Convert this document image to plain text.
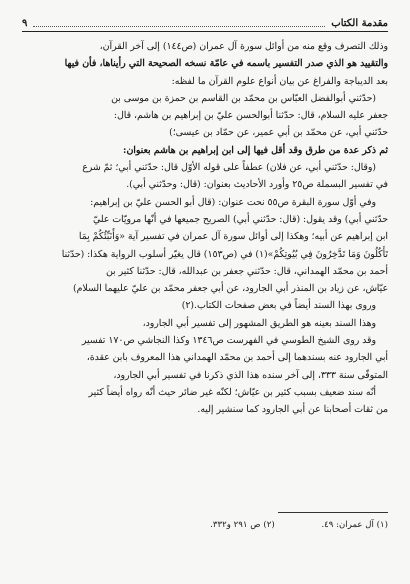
مقدمة الكتاب
٩
وذلك التصرف وقع منه من أوائل سورة آل عمران (ص١٤٤) إلى آخر القرآن،
والتقييد هو الذي صدر التفسير باسمه في عامّة نسخه الصحيحة التي رأيناها، فأن فيها
بعد الديباجة والفراغ عن بيان أنواع علوم القرآن ما لفظه:
(حدّثني أبوالفضل العبّاس بن محمّد بن القاسم بن حمزة بن موسى بن
جعفر عليه السلام، قال: حدّثنا أبوالحسن عليّ بن إبراهيم بن هاشم، قال:
حدّثني أبي، عن محمّد بن أبي عمير، عن حمّاد بن عيسى؛)
ثم ذكر عدة من طرق وقد أقل فيها إلى ابن إبراهيم بن هاشم بعنوان:
(وقال: حدّثني أبي، عن فلان) عطفاً على قوله الأوّل قال: حدّثني أبي؛ ثمّ شرع
في تفسير البسملة ص٢٥ وأورد الأحاديث بعنوان: (قال: وحدّثني أبي).
وفي أوّل سورة البقرة ص٥٥ نحت عنوان: (قال أبو الحسن عليّ بن إبراهيم:
حدّثني أبي) وقد يقول: (قال: حدّثني أبي) الصريح جميعها في أنّها مرويّات عليّ
ابن إبراهيم عن أبيه؛ وهكذا إلى أوائل سورة آل عمران في تفسير آية «وَأُنَبِّئُكُمْ بِمَا
تَأْكُلُونَ وَمَا تَدَّخِرُونَ فِي بُيُوتِكُمْ»(١) في (ص١٥٣) قال يغيّر أسلوب الرواية هكذا: (حدّثنا
أحمد بن محمّد الهمداني، قال: حدّثني جعفر بن عبدالله، قال: حدّثنا كثير بن
عيّاش، عن زياد بن المنذر أبي الجارود، عن أبي جعفر محمّد بن عليّ عليهما السلام)
وروى بهذا السند أيضاً في بعض صفحات الكتاب.(٢)
وهذا السند بعينه هو الطريق المشهور إلى تفسير أبي الجارود،
وقد روى الشيخ الطوسي في الفهرست ص١٣٤٦ وكذا النجاشي ص١٧٠ تفسير
أبي الجارود عنه بسندهما إلى أحمد بن محمّد الهمداني هذا المعروف بابن عقدة،
المتوفّى سنة ٣٣٣، إلى آخر سنده هذا الذي ذكرنا في تفسير أبي الجارود،
أنّه سند ضعيف بسبب كثير بن عيّاش؛ لكنّه غير ضائر حيث أنّه رواه أيضاً كثير
من ثقات أصحابنا عن أبي الجارود كما سنشير إليه.
(١) آل عمران: ٤٩. (٢) ص ٢٩١ و٣٣٢.
